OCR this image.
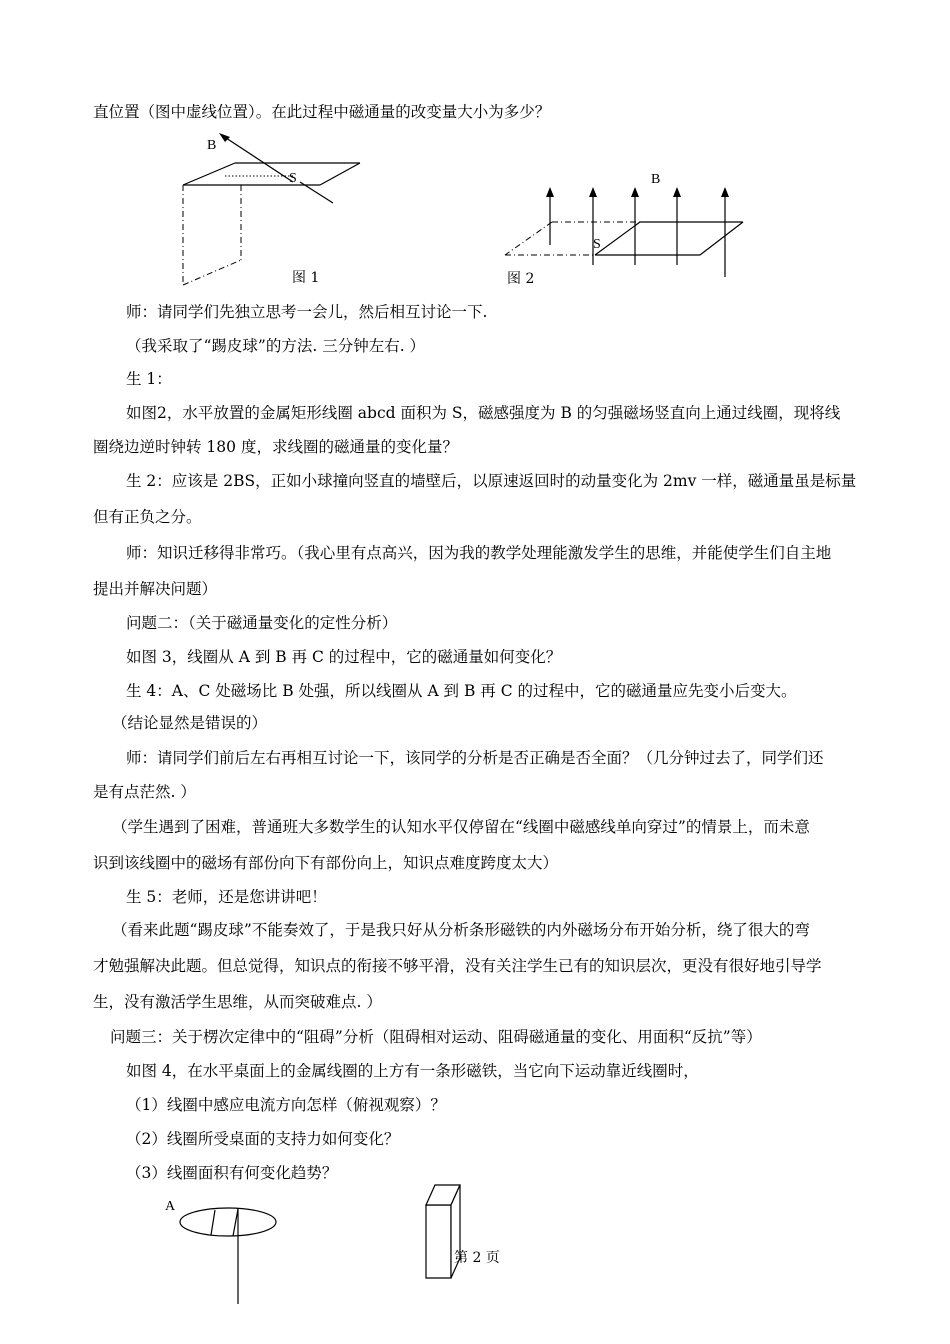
直位置（图中虚线位置）。在此过程中磁通量的改变量大小为多少？
B
S
图 1
B
S
图 2
师：请同学们先独立思考一会儿，然后相互讨论一下.
（我采取了“踢皮球”的方法. 三分钟左右. ）
生 1：
如图2，水平放置的金属矩形线圈 abcd 面积为 S，磁感强度为 B 的匀强磁场竖直向上通过线圈，现将线
圈绕边逆时钟转 180 度，求线圈的磁通量的变化量？
生 2：应该是 2BS，正如小球撞向竖直的墙壁后，以原速返回时的动量变化为 2mv 一样，磁通量虽是标量
但有正负之分。
师：知识迁移得非常巧。（我心里有点高兴，因为我的教学处理能激发学生的思维，并能使学生们自主地
提出并解决问题）
问题二：（关于磁通量变化的定性分析）
如图 3，线圈从 A 到 B 再 C 的过程中，它的磁通量如何变化？
生 4：A、C 处磁场比 B 处强，所以线圈从 A 到 B 再 C 的过程中，它的磁通量应先变小后变大。
（结论显然是错误的）
师：请同学们前后左右再相互讨论一下，该同学的分析是否正确是否全面？（几分钟过去了，同学们还
是有点茫然. ）
（学生遇到了困难，普通班大多数学生的认知水平仅停留在“线圈中磁感线单向穿过”的情景上，而未意
识到该线圈中的磁场有部份向下有部份向上，知识点难度跨度太大）
生 5：老师，还是您讲讲吧！
（看来此题“踢皮球”不能奏效了，于是我只好从分析条形磁铁的内外磁场分布开始分析，绕了很大的弯
才勉强解决此题。但总觉得，知识点的衔接不够平滑，没有关注学生已有的知识层次，更没有很好地引导学
生，没有激活学生思维，从而突破难点. ）
问题三：关于楞次定律中的“阻碍”分析（阻碍相对运动、阻碍磁通量的变化、用面积“反抗”等）
如图 4，在水平桌面上的金属线圈的上方有一条形磁铁，当它向下运动靠近线圈时，
（1）线圈中感应电流方向怎样（俯视观察）？
（2）线圈所受桌面的支持力如何变化？
（3）线圈面积有何变化趋势？
A
第 2 页
